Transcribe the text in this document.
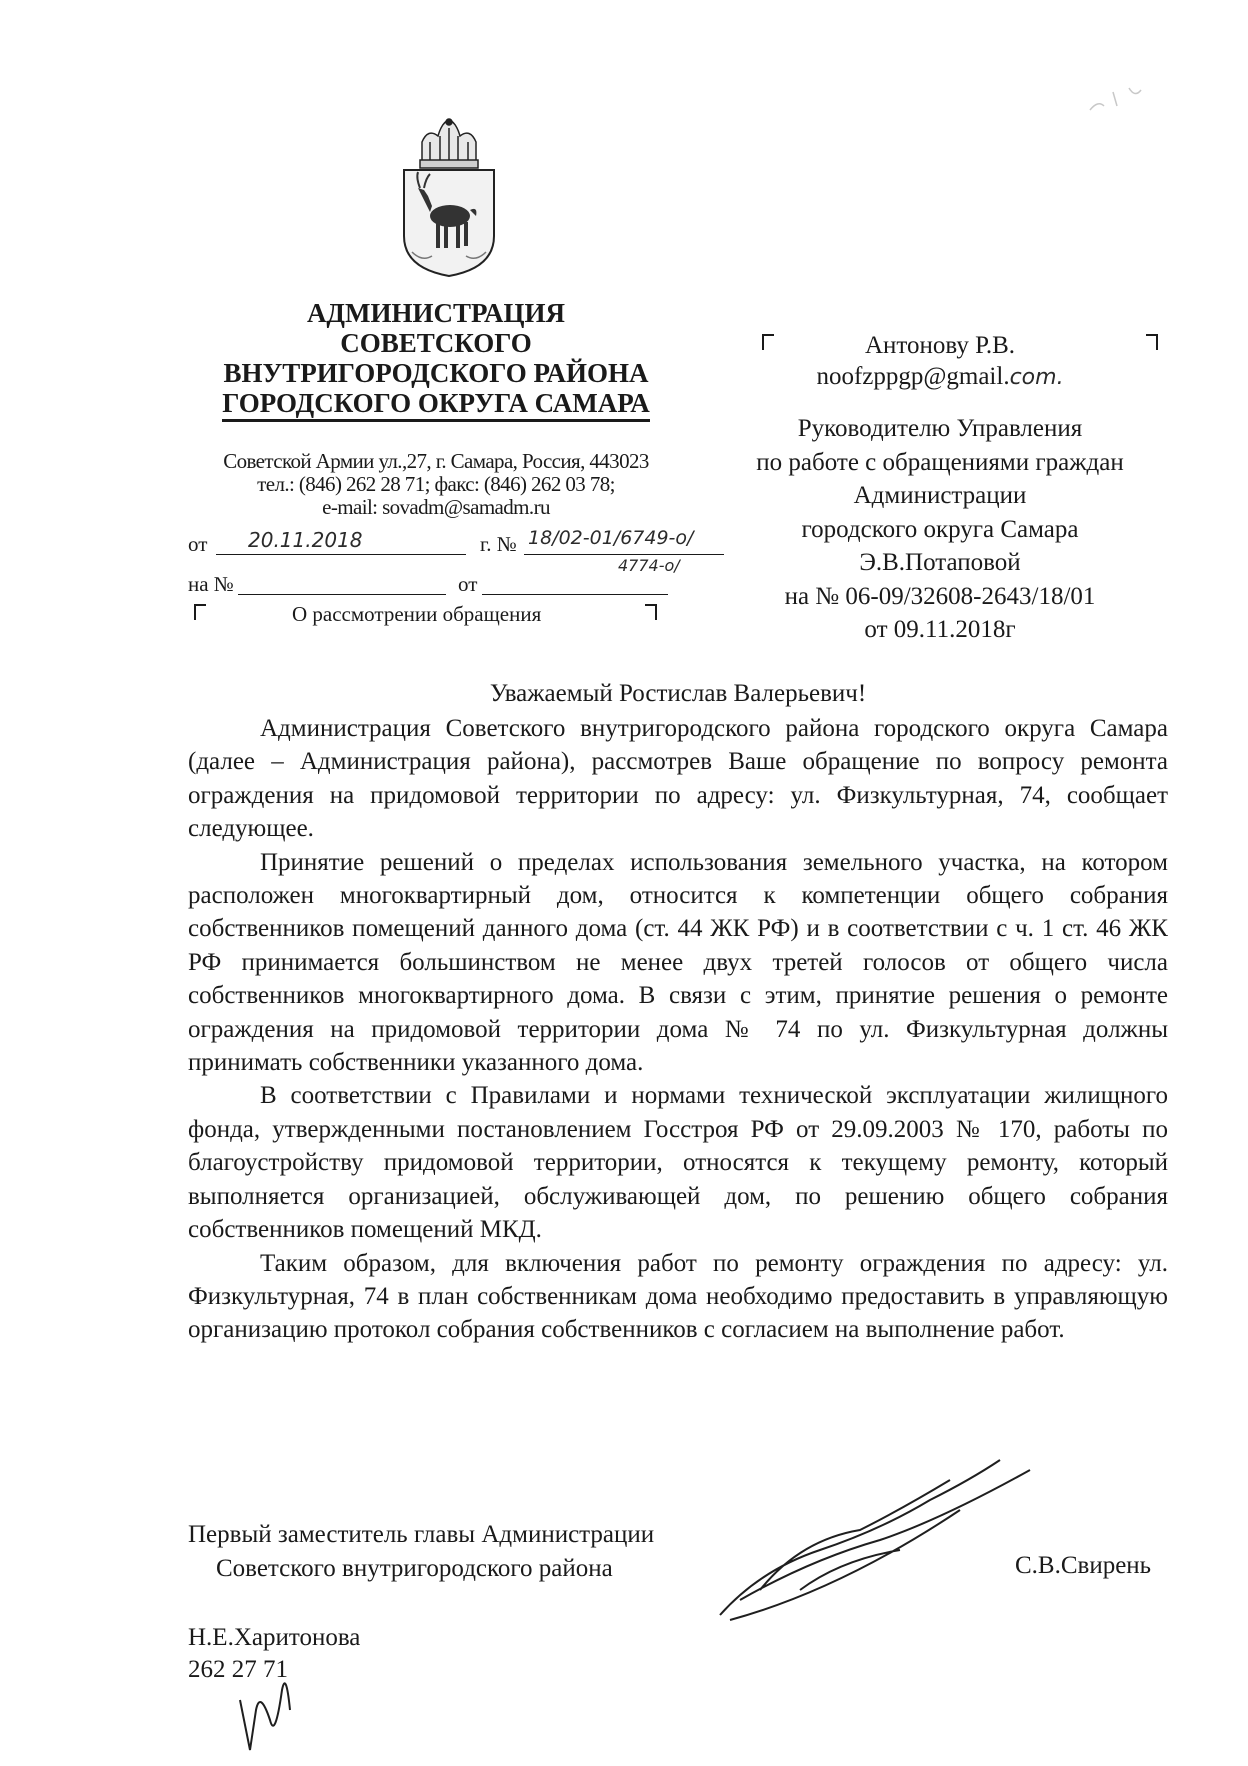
АДМИНИСТРАЦИЯ
СОВЕТСКОГО
ВНУТРИГОРОДСКОГО РАЙОНА
ГОРОДСКОГО ОКРУГА САМАРА
Советской Армии ул.,27, г. Самара, Россия, 443023
тел.: (846) 262 28 71; факс: (846) 262 03 78;
e-mail: sovadm@samadm.ru
от 20.11.2018	г. № 18/02-01/6749-о/
4774-о/
на №	от
О рассмотрении обращения
Антонову Р.В.
noofzppgp@gmail.com.
Руководителю Управления
по работе с обращениями граждан
Администрации
городского округа Самара
Э.В.Потаповой
на № 06-09/32608-2643/18/01
от 09.11.2018г
Уважаемый Ростислав Валерьевич!

Администрация Советского внутригородского района городского округа Самара (далее – Администрация района), рассмотрев Ваше обращение по вопросу ремонта ограждения на придомовой территории по адресу: ул. Физкультурная, 74, сообщает следующее.

Принятие решений о пределах использования земельного участка, на котором расположен многоквартирный дом, относится к компетенции общего собрания собственников помещений данного дома (ст. 44 ЖК РФ) и в соответствии с ч. 1 ст. 46 ЖК РФ принимается большинством не менее двух третей голосов от общего числа собственников многоквартирного дома. В связи с этим, принятие решения о ремонте ограждения на придомовой территории дома № 74 по ул. Физкультурная должны принимать собственники указанного дома.

В соответствии с Правилами и нормами технической эксплуатации жилищного фонда, утвержденными постановлением Госстроя РФ от 29.09.2003 № 170, работы по благоустройству придомовой территории, относятся к текущему ремонту, который выполняется организацией, обслуживающей дом, по решению общего собрания собственников помещений МКД.

Таким образом, для включения работ по ремонту ограждения по адресу: ул. Физкультурная, 74 в план собственникам дома необходимо предоставить в управляющую организацию протокол собрания собственников с согласием на выполнение работ.

Первый заместитель главы Администрации
Советского внутригородского района	С.В.Свирень
Н.Е.Харитонова
262 27 71
